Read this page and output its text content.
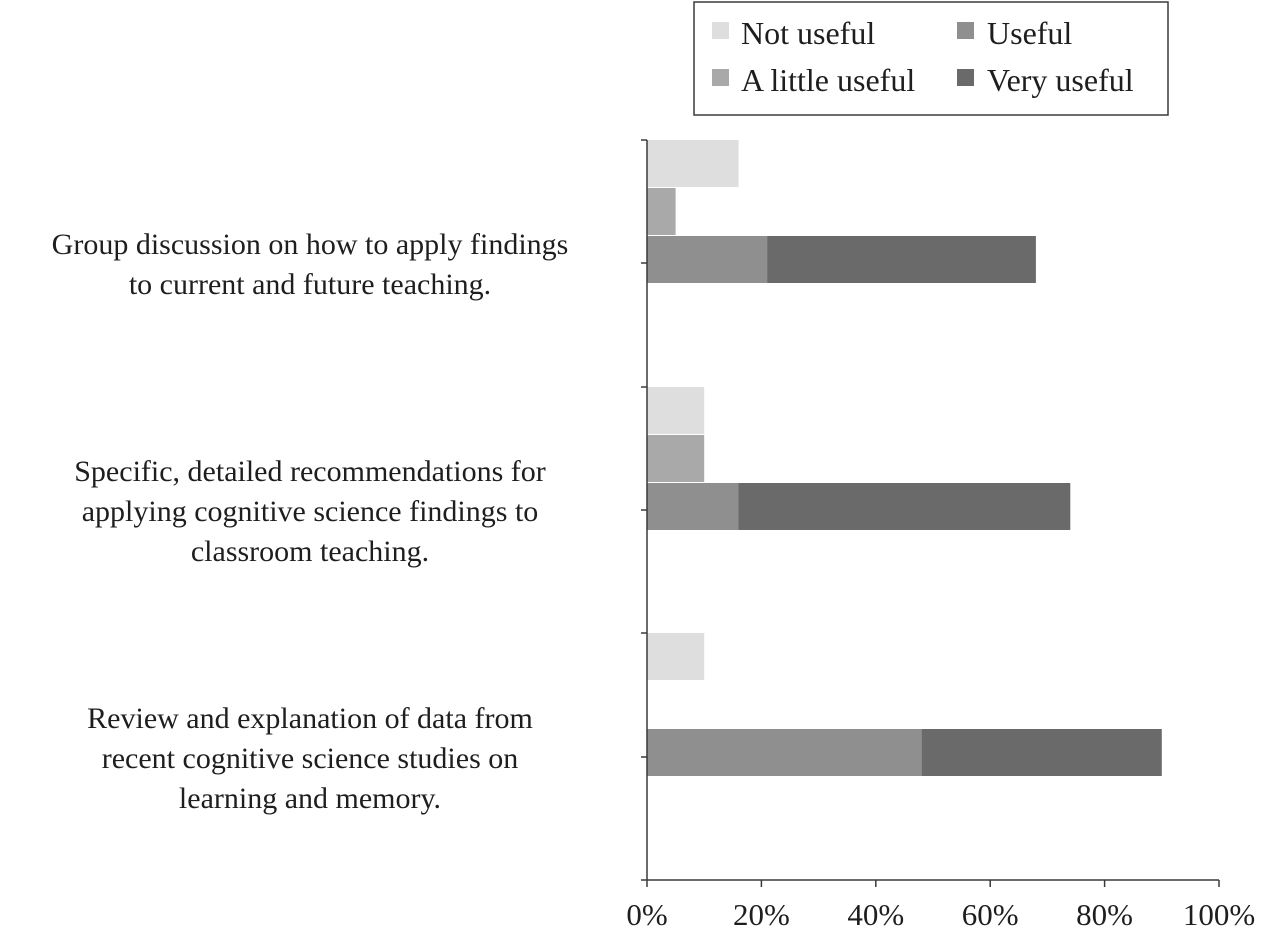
0% 20% 40% 60% 80% 100%
Group discussion on how to apply findings to current and future teaching.
Specific, detailed recommendations for applying cognitive science findings to classroom teaching.
Review and explanation of data from recent cognitive science studies on learning and memory.
Not useful	Useful
A little useful Very useful
